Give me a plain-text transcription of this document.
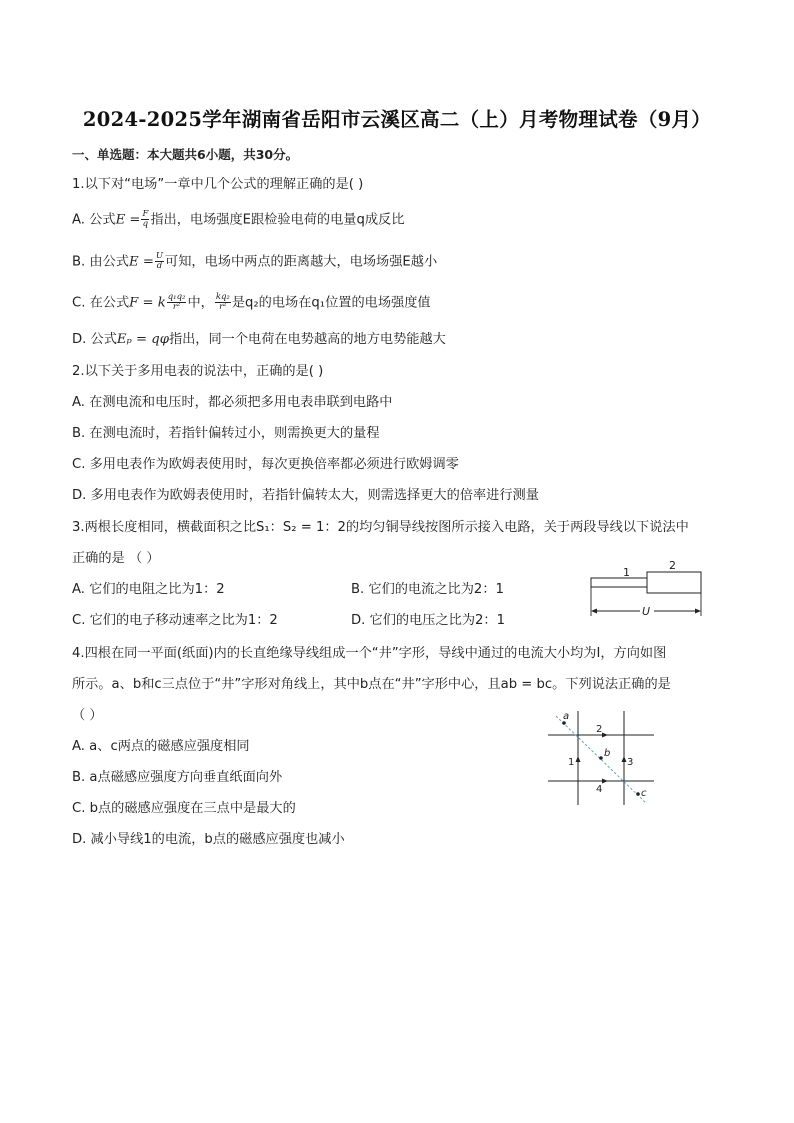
2024-2025学年湖南省岳阳市云溪区高二（上）月考物理试卷（9月）
一、单选题：本大题共6小题，共30分。
1.以下对“电场”一章中几个公式的理解正确的是( )
A. 公式$E = \frac{F}{q}$ 指出，电场强度E跟检验电荷的电量q成反比
B. 由公式$E = \frac{U}{d}$ 可知，电场中两点的距离越大，电场场强E越小
C. 在公式F = k $\frac{\text{q₁q₂}}{\text{r²}}$ 中， $\frac{\text{kq₂}}{\text{r²}}$ 是q₂的电场在q₁位置的电场强度值
D. 公式Eₚ = qφ指出，同一个电荷在电势越高的地方电势能越大
2.以下关于多用电表的说法中，正确的是( )
A. 在测电流和电压时，都必须把多用电表串联到电路中
B. 在测电流时，若指针偏转过小，则需换更大的量程
C. 多用电表作为欧姆表使用时，每次更换倍率都必须进行欧姆调零
D. 多用电表作为欧姆表使用时，若指针偏转太大，则需选择更大的倍率进行测量
3.两根长度相同，横截面积之比S₁：S₂ = 1：2的均匀铜导线按图所示接入电路，关于两段导线以下说法中
正确的是 （ ）
A. 它们的电阻之比为1：2	B. 它们的电流之比为2：1
C. 它们的电子移动速率之比为1：2	D. 它们的电压之比为2：1
1
2
U
4.四根在同一平面(纸面)内的长直绝缘导线组成一个“井”字形，导线中通过的电流大小均为I，方向如图
所示。a、b和c三点位于“井”字形对角线上，其中b点在“井”字形中心，且ab = bc。下列说法正确的是
（ ）
A. a、c两点的磁感应强度相同
B. a点磁感应强度方向垂直纸面向外
C. b点的磁感应强度在三点中是最大的
D. 减小导线1的电流，b点的磁感应强度也减小
a
b
c
2
4
1	3
